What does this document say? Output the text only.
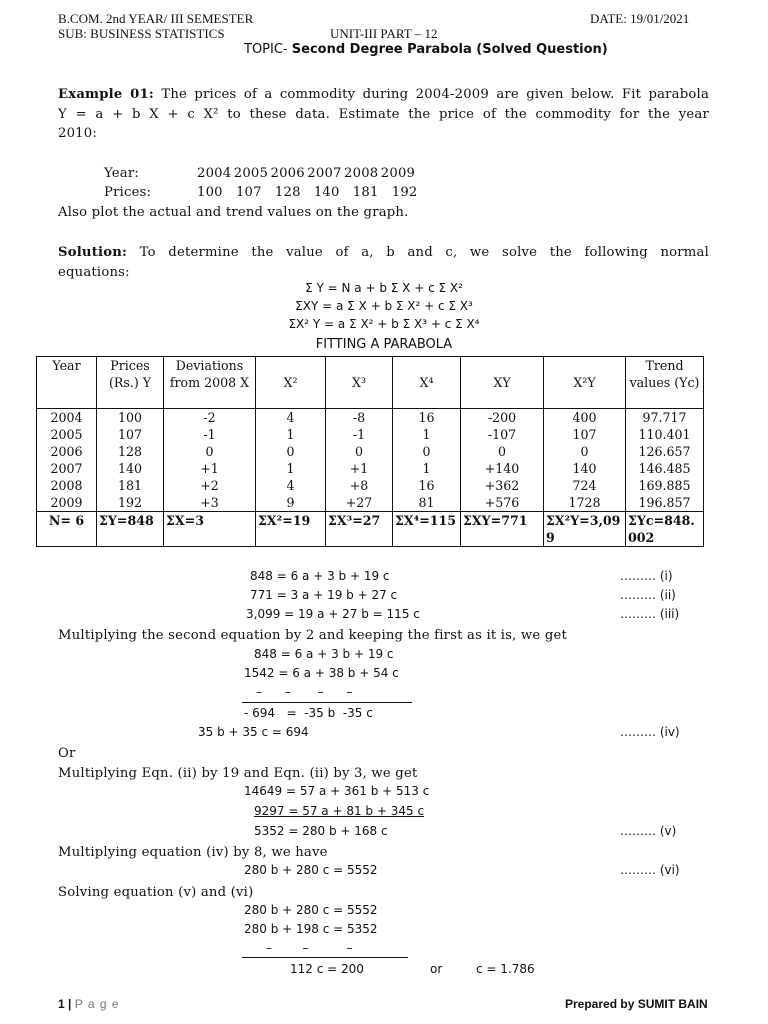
B.COM. 2nd YEAR/ III SEMESTER	DATE: 19/01/2021
SUB: BUSINESS STATISTICS	UNIT-III PART – 12
TOPIC- Second Degree Parabola (Solved Question)
Example 01: The prices of a commodity during 2004-2009 are given below. Fit parabola
Y = a + b X + c X² to these data. Estimate the price of the commodity for the year
2010:
Year:	2004 2005 2006 2007 2008 2009
Prices:	100   107   128   140   181   192
Also plot the actual and trend values on the graph.
Solution: To determine the value of a, b and c, we solve the following normal
equations:
Σ Y = N a + b Σ X + c Σ X²
ΣXY = a Σ X + b Σ X² + c Σ X³
ΣX² Y = a Σ X² + b Σ X³ + c Σ X⁴
FITTING A PARABOLA
Year	Prices (Rs.) Y	Deviations from 2008 X	X²	X³	X⁴	XY	X²Y	Trend values (Yc)
2004	100	-2	4	-8	16	-200	400	97.717
2005	107	-1	1	-1	1	-107	107	110.401
2006	128	0	0	0	0	0	0	126.657
2007	140	+1	1	+1	1	+140	140	146.485
2008	181	+2	4	+8	16	+362	724	169.885
2009	192	+3	9	+27	81	+576	1728	196.857
N= 6	ΣY=848	ΣX=3	ΣX²=19	ΣX³=27	ΣX⁴=115	ΣXY=771	ΣX²Y=3,099	ΣYc=848.002
848 = 6 a + 3 b + 19 c	……… (i)
771 = 3 a + 19 b + 27 c	……… (ii)
3,099 = 19 a + 27 b = 115 c	……… (iii)
Multiplying the second equation by 2 and keeping the first as it is, we get
848 = 6 a + 3 b + 19 c
1542 = 6 a + 38 b + 54 c
–      –       –      –
- 694   =  -35 b  -35 c
35 b + 35 c = 694	……… (iv)
Or
Multiplying Eqn. (ii) by 19 and Eqn. (ii) by 3, we get
14649 = 57 a + 361 b + 513 c
9297 = 57 a + 81 b + 345 c
5352 = 280 b + 168 c	……… (v)
Multiplying equation (iv) by 8, we have
280 b + 280 c = 5552	……… (vi)
Solving equation (v) and (vi)
280 b + 280 c = 5552
280 b + 198 c = 5352
–        –          –
112 c = 200	or	c = 1.786
1 | P a g e	Prepared by SUMIT BAIN
